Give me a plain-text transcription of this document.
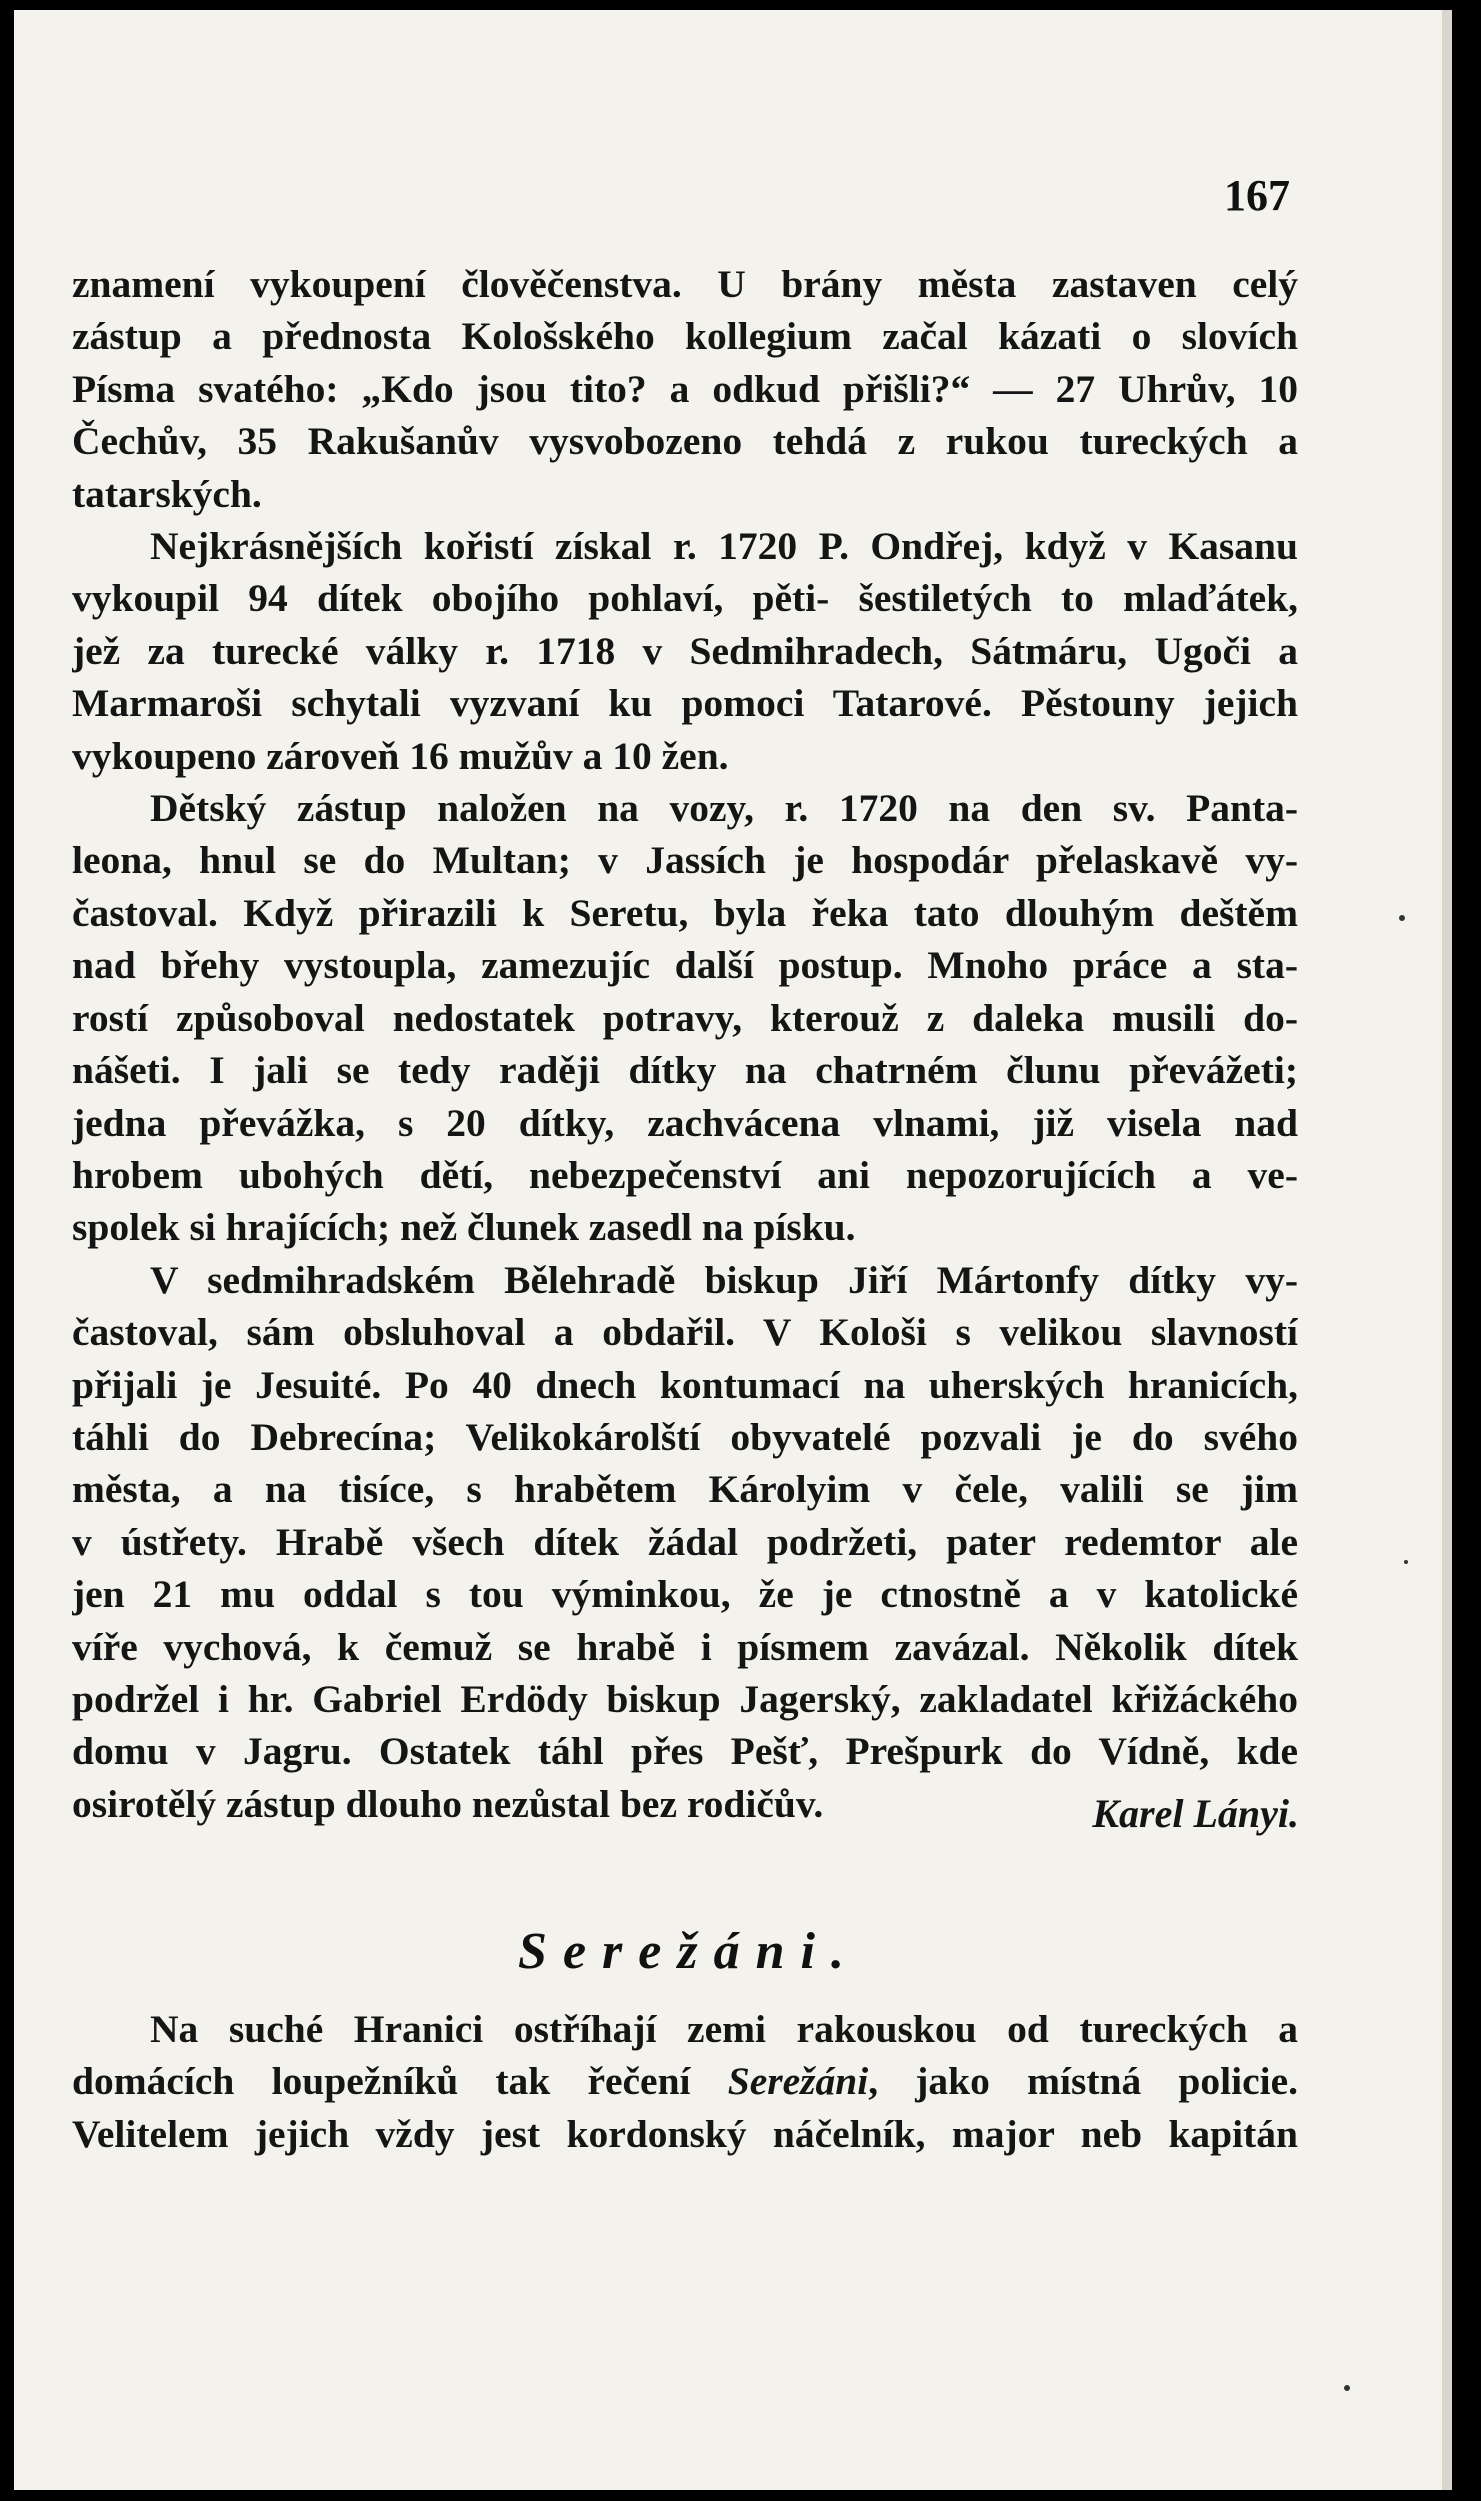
167
znamení vykoupení člověčenstva. U brány města zastaven celý
zástup a přednosta Kološského kollegium začal kázati o slovích
Písma svatého: „Kdo jsou tito? a odkud přišli?“ — 27 Uhrův, 10
Čechův, 35 Rakušanův vysvobozeno tehdá z rukou tureckých a
tatarských.
Nejkrásnějších kořistí získal r. 1720 P. Ondřej, když v Kasanu
vykoupil 94 dítek obojího pohlaví, pěti- šestiletých to mlaďátek,
jež za turecké války r. 1718 v Sedmihradech, Sátmáru, Ugoči a
Marmaroši schytali vyzvaní ku pomoci Tatarové. Pěstouny jejich
vykoupeno zároveň 16 mužův a 10 žen.
Dětský zástup naložen na vozy, r. 1720 na den sv. Panta-
leona, hnul se do Multan; v Jassích je hospodár přelaskavě vy-
častoval. Když přirazili k Seretu, byla řeka tato dlouhým deštěm
nad břehy vystoupla, zamezujíc další postup. Mnoho práce a sta-
rostí způsoboval nedostatek potravy, kterouž z daleka musili do-
nášeti. I jali se tedy raději dítky na chatrném člunu převážeti;
jedna převážka, s 20 dítky, zachvácena vlnami, již visela nad
hrobem ubohých dětí, nebezpečenství ani nepozorujících a ve-
spolek si hrajících; než člunek zasedl na písku.
V sedmihradském Bělehradě biskup Jiří Mártonfy dítky vy-
častoval, sám obsluhoval a obdařil. V Kološi s velikou slavností
přijali je Jesuité. Po 40 dnech kontumací na uherských hranicích,
táhli do Debrecína; Velikokárolští obyvatelé pozvali je do svého
města, a na tisíce, s hrabětem Károlyim v čele, valili se jim
v ústřety. Hrabě všech dítek žádal podržeti, pater redemtor ale
jen 21 mu oddal s tou výminkou, že je ctnostně a v katolické
víře vychová, k čemuž se hrabě i písmem zavázal. Několik dítek
podržel i hr. Gabriel Erdödy biskup Jagerský, zakladatel křižáckého
domu v Jagru. Ostatek táhl přes Pešť, Prešpurk do Vídně, kde
osirotělý zástup dlouho nezůstal bez rodičův.	Karel Lányi.
Serežáni.
Na suché Hranici ostříhají zemi rakouskou od tureckých a
domácích loupežníků tak řečení Serežáni, jako místná policie.
Velitelem jejich vždy jest kordonský náčelník, major neb kapitán
